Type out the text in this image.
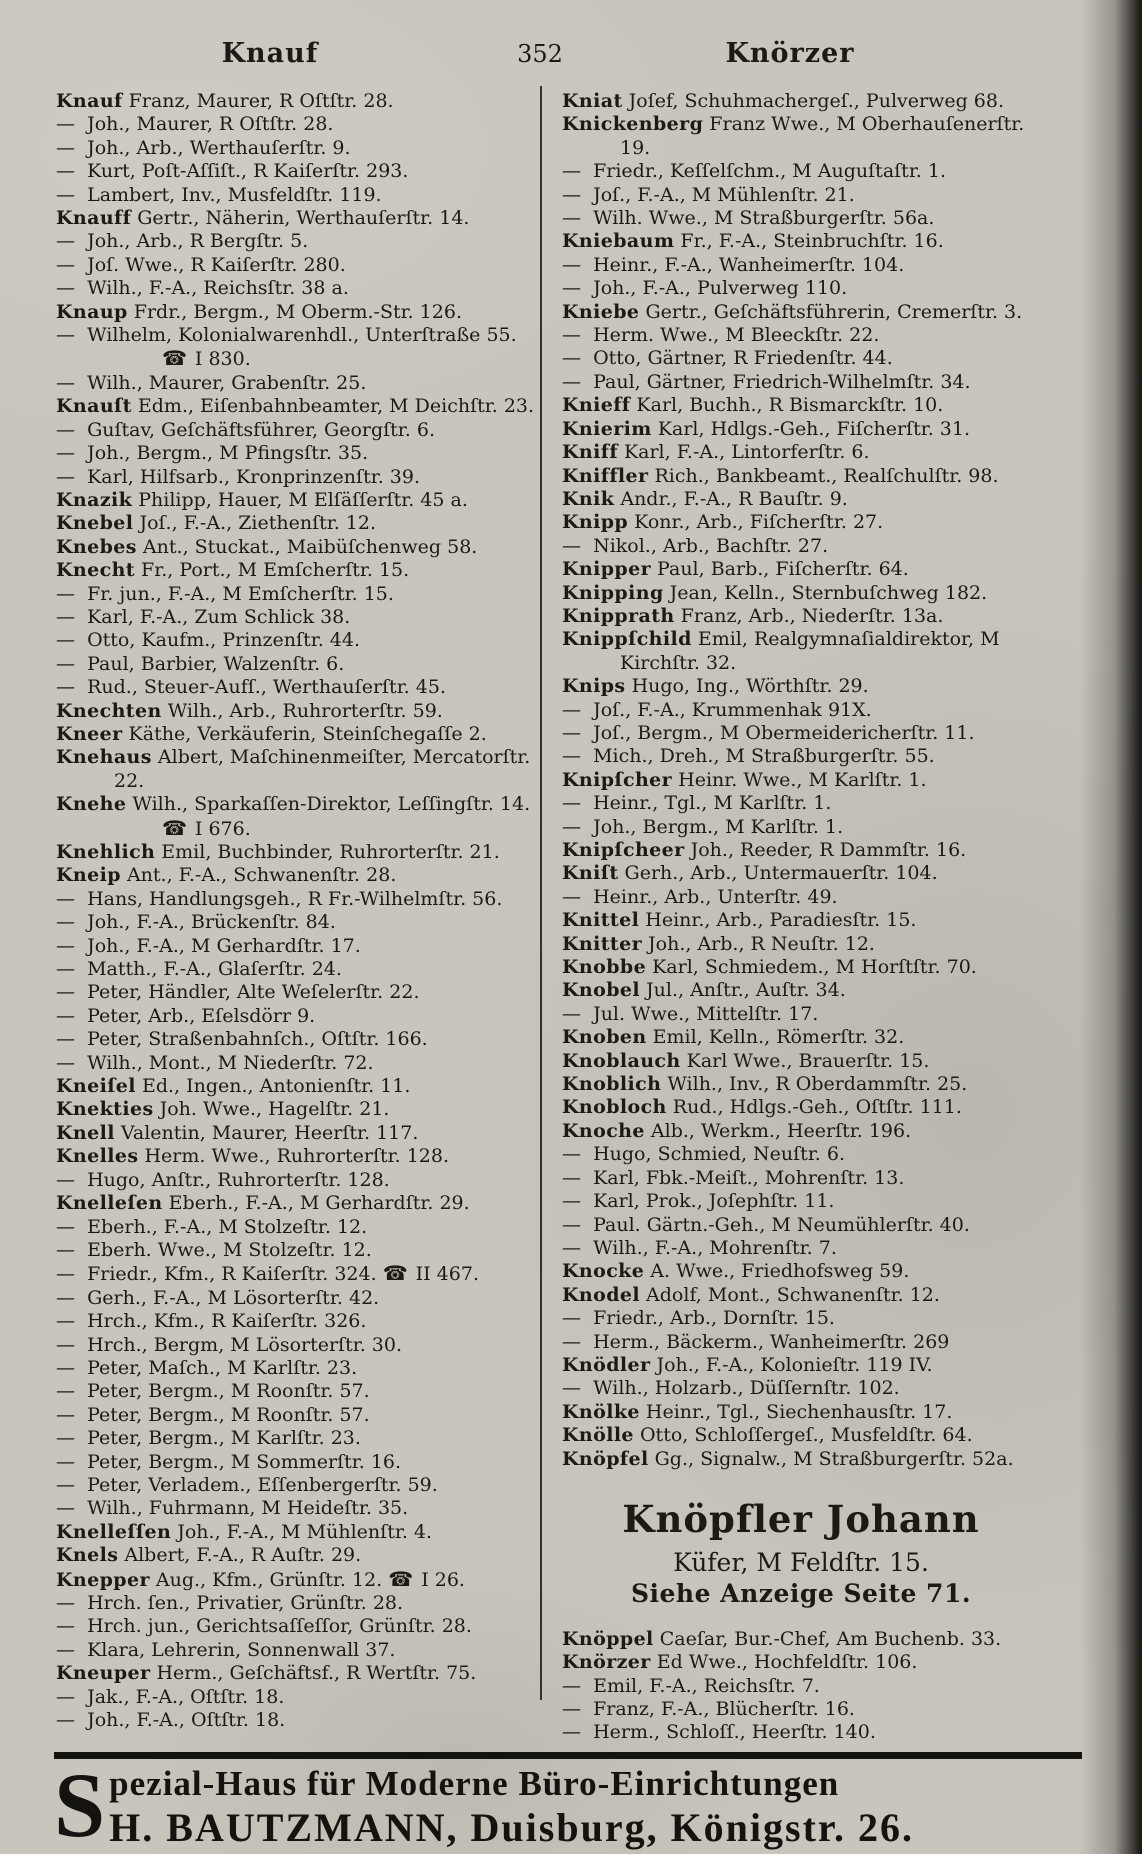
Knauf	352	Knörzer
Knauf Franz, Maurer, R Oſtſtr. 28.
—  Joh., Maurer, R Oſtſtr. 28.
—  Joh., Arb., Werthauſerſtr. 9.
—  Kurt, Poſt-Aſſiſt., R Kaiſerſtr. 293.
—  Lambert, Inv., Musfeldſtr. 119.
Knauff Gertr., Näherin, Werthauſerſtr. 14.
—  Joh., Arb., R Bergſtr. 5.
—  Joſ. Wwe., R Kaiſerſtr. 280.
—  Wilh., F.-A., Reichsſtr. 38 a.
Knaup Frdr., Bergm., M Oberm.-Str. 126.
—  Wilhelm, Kolonialwarenhdl., Unterſtraße 55.
☎ I 830.
—  Wilh., Maurer, Grabenſtr. 25.
Knauſt Edm., Eiſenbahnbeamter, M Deichſtr. 23.
—  Guſtav, Geſchäftsführer, Georgſtr. 6.
—  Joh., Bergm., M Pfingsſtr. 35.
—  Karl, Hilfsarb., Kronprinzenſtr. 39.
Knazik Philipp, Hauer, M Elſäſſerſtr. 45 a.
Knebel Joſ., F.-A., Ziethenſtr. 12.
Knebes Ant., Stuckat., Maibüſchenweg 58.
Knecht Fr., Port., M Emſcherſtr. 15.
—  Fr. jun., F.-A., M Emſcherſtr. 15.
—  Karl, F.-A., Zum Schlick 38.
—  Otto, Kaufm., Prinzenſtr. 44.
—  Paul, Barbier, Walzenſtr. 6.
—  Rud., Steuer-Aufſ., Werthauſerſtr. 45.
Knechten Wilh., Arb., Ruhrorterſtr. 59.
Kneer Käthe, Verkäuferin, Steinſchegaſſe 2.
Knehaus Albert, Maſchinenmeiſter, Mercatorſtr. 22.
Knehe Wilh., Sparkaſſen-Direktor, Leſſingſtr. 14.
☎ I 676.
Knehlich Emil, Buchbinder, Ruhrorterſtr. 21.
Kneip Ant., F.-A., Schwanenſtr. 28.
—  Hans, Handlungsgeh., R Fr.-Wilhelmſtr. 56.
—  Joh., F.-A., Brückenſtr. 84.
—  Joh., F.-A., M Gerhardſtr. 17.
—  Matth., F.-A., Glaſerſtr. 24.
—  Peter, Händler, Alte Weſelerſtr. 22.
—  Peter, Arb., Eſelsdörr 9.
—  Peter, Straßenbahnſch., Oſtſtr. 166.
—  Wilh., Mont., M Niederſtr. 72.
Kneiſel Ed., Ingen., Antonienſtr. 11.
Knekties Joh. Wwe., Hagelſtr. 21.
Knell Valentin, Maurer, Heerſtr. 117.
Knelles Herm. Wwe., Ruhrorterſtr. 128.
—  Hugo, Anſtr., Ruhrorterſtr. 128.
Knelleſen Eberh., F.-A., M Gerhardſtr. 29.
—  Eberh., F.-A., M Stolzeſtr. 12.
—  Eberh. Wwe., M Stolzeſtr. 12.
—  Friedr., Kfm., R Kaiſerſtr. 324. ☎ II 467.
—  Gerh., F.-A., M Lösorterſtr. 42.
—  Hrch., Kfm., R Kaiſerſtr. 326.
—  Hrch., Bergm, M Lösorterſtr. 30.
—  Peter, Maſch., M Karlſtr. 23.
—  Peter, Bergm., M Roonſtr. 57.
—  Peter, Bergm., M Roonſtr. 57.
—  Peter, Bergm., M Karlſtr. 23.
—  Peter, Bergm., M Sommerſtr. 16.
—  Peter, Verladem., Eſſenbergerſtr. 59.
—  Wilh., Fuhrmann, M Heideſtr. 35.
Knelleſſen Joh., F.-A., M Mühlenſtr. 4.
Knels Albert, F.-A., R Auſtr. 29.
Knepper Aug., Kfm., Grünſtr. 12. ☎ I 26.
—  Hrch. ſen., Privatier, Grünſtr. 28.
—  Hrch. jun., Gerichtsaſſeſſor, Grünſtr. 28.
—  Klara, Lehrerin, Sonnenwall 37.
Kneuper Herm., Geſchäftsf., R Wertſtr. 75.
—  Jak., F.-A., Oſtſtr. 18.
—  Joh., F.-A., Oſtſtr. 18.
Kniat Joſef, Schuhmachergeſ., Pulverweg 68.
Knickenberg Franz Wwe., M Oberhauſenerſtr. 19.
—  Friedr., Keſſelſchm., M Auguſtaſtr. 1.
—  Joſ., F.-A., M Mühlenſtr. 21.
—  Wilh. Wwe., M Straßburgerſtr. 56a.
Kniebaum Fr., F.-A., Steinbruchſtr. 16.
—  Heinr., F.-A., Wanheimerſtr. 104.
—  Joh., F.-A., Pulverweg 110.
Kniebe Gertr., Geſchäftsführerin, Cremerſtr. 3.
—  Herm. Wwe., M Bleeckſtr. 22.
—  Otto, Gärtner, R Friedenſtr. 44.
—  Paul, Gärtner, Friedrich-Wilhelmſtr. 34.
Knieff Karl, Buchh., R Bismarckſtr. 10.
Knierim Karl, Hdlgs.-Geh., Fiſcherſtr. 31.
Kniff Karl, F.-A., Lintorferſtr. 6.
Kniffler Rich., Bankbeamt., Realſchulſtr. 98.
Knik Andr., F.-A., R Bauſtr. 9.
Knipp Konr., Arb., Fiſcherſtr. 27.
—  Nikol., Arb., Bachſtr. 27.
Knipper Paul, Barb., Fiſcherſtr. 64.
Knipping Jean, Kelln., Sternbuſchweg 182.
Knipprath Franz, Arb., Niederſtr. 13a.
Knippſchild Emil, Realgymnaſialdirektor, M Kirchſtr. 32.
Knips Hugo, Ing., Wörthſtr. 29.
—  Joſ., F.-A., Krummenhak 91X.
—  Joſ., Bergm., M Obermeidericherſtr. 11.
—  Mich., Dreh., M Straßburgerſtr. 55.
Knipſcher Heinr. Wwe., M Karlſtr. 1.
—  Heinr., Tgl., M Karlſtr. 1.
—  Joh., Bergm., M Karlſtr. 1.
Knipſcheer Joh., Reeder, R Dammſtr. 16.
Kniſt Gerh., Arb., Untermauerſtr. 104.
—  Heinr., Arb., Unterſtr. 49.
Knittel Heinr., Arb., Paradiesſtr. 15.
Knitter Joh., Arb., R Neuſtr. 12.
Knobbe Karl, Schmiedem., M Horſtſtr. 70.
Knobel Jul., Anſtr., Auſtr. 34.
—  Jul. Wwe., Mittelſtr. 17.
Knoben Emil, Kelln., Römerſtr. 32.
Knoblauch Karl Wwe., Brauerſtr. 15.
Knoblich Wilh., Inv., R Oberdammſtr. 25.
Knobloch Rud., Hdlgs.-Geh., Oſtſtr. 111.
Knoche Alb., Werkm., Heerſtr. 196.
—  Hugo, Schmied, Neuſtr. 6.
—  Karl, Fbk.-Meiſt., Mohrenſtr. 13.
—  Karl, Prok., Joſephſtr. 11.
—  Paul. Gärtn.-Geh., M Neumühlerſtr. 40.
—  Wilh., F.-A., Mohrenſtr. 7.
Knocke A. Wwe., Friedhofsweg 59.
Knodel Adolf, Mont., Schwanenſtr. 12.
—  Friedr., Arb., Dornſtr. 15.
—  Herm., Bäckerm., Wanheimerſtr. 269
Knödler Joh., F.-A., Kolonieſtr. 119 IV.
—  Wilh., Holzarb., Düſſernſtr. 102.
Knölke Heinr., Tgl., Siechenhausſtr. 17.
Knölle Otto, Schloſſergeſ., Musfeldſtr. 64.
Knöpfel Gg., Signalw., M Straßburgerſtr. 52a.
Knöpfler Johann
Küfer, M Feldſtr. 15.
Siehe Anzeige Seite 71.
Knöppel Caeſar, Bur.-Chef, Am Buchenb. 33.
Knörzer Ed Wwe., Hochfeldſtr. 106.
—  Emil, F.-A., Reichsſtr. 7.
—  Franz, F.-A., Blücherſtr. 16.
—  Herm., Schloſſ., Heerſtr. 140.
S pezial-Haus für Moderne Büro-Einrichtungen
H. BAUTZMANN, Duisburg, Königstr. 26.
